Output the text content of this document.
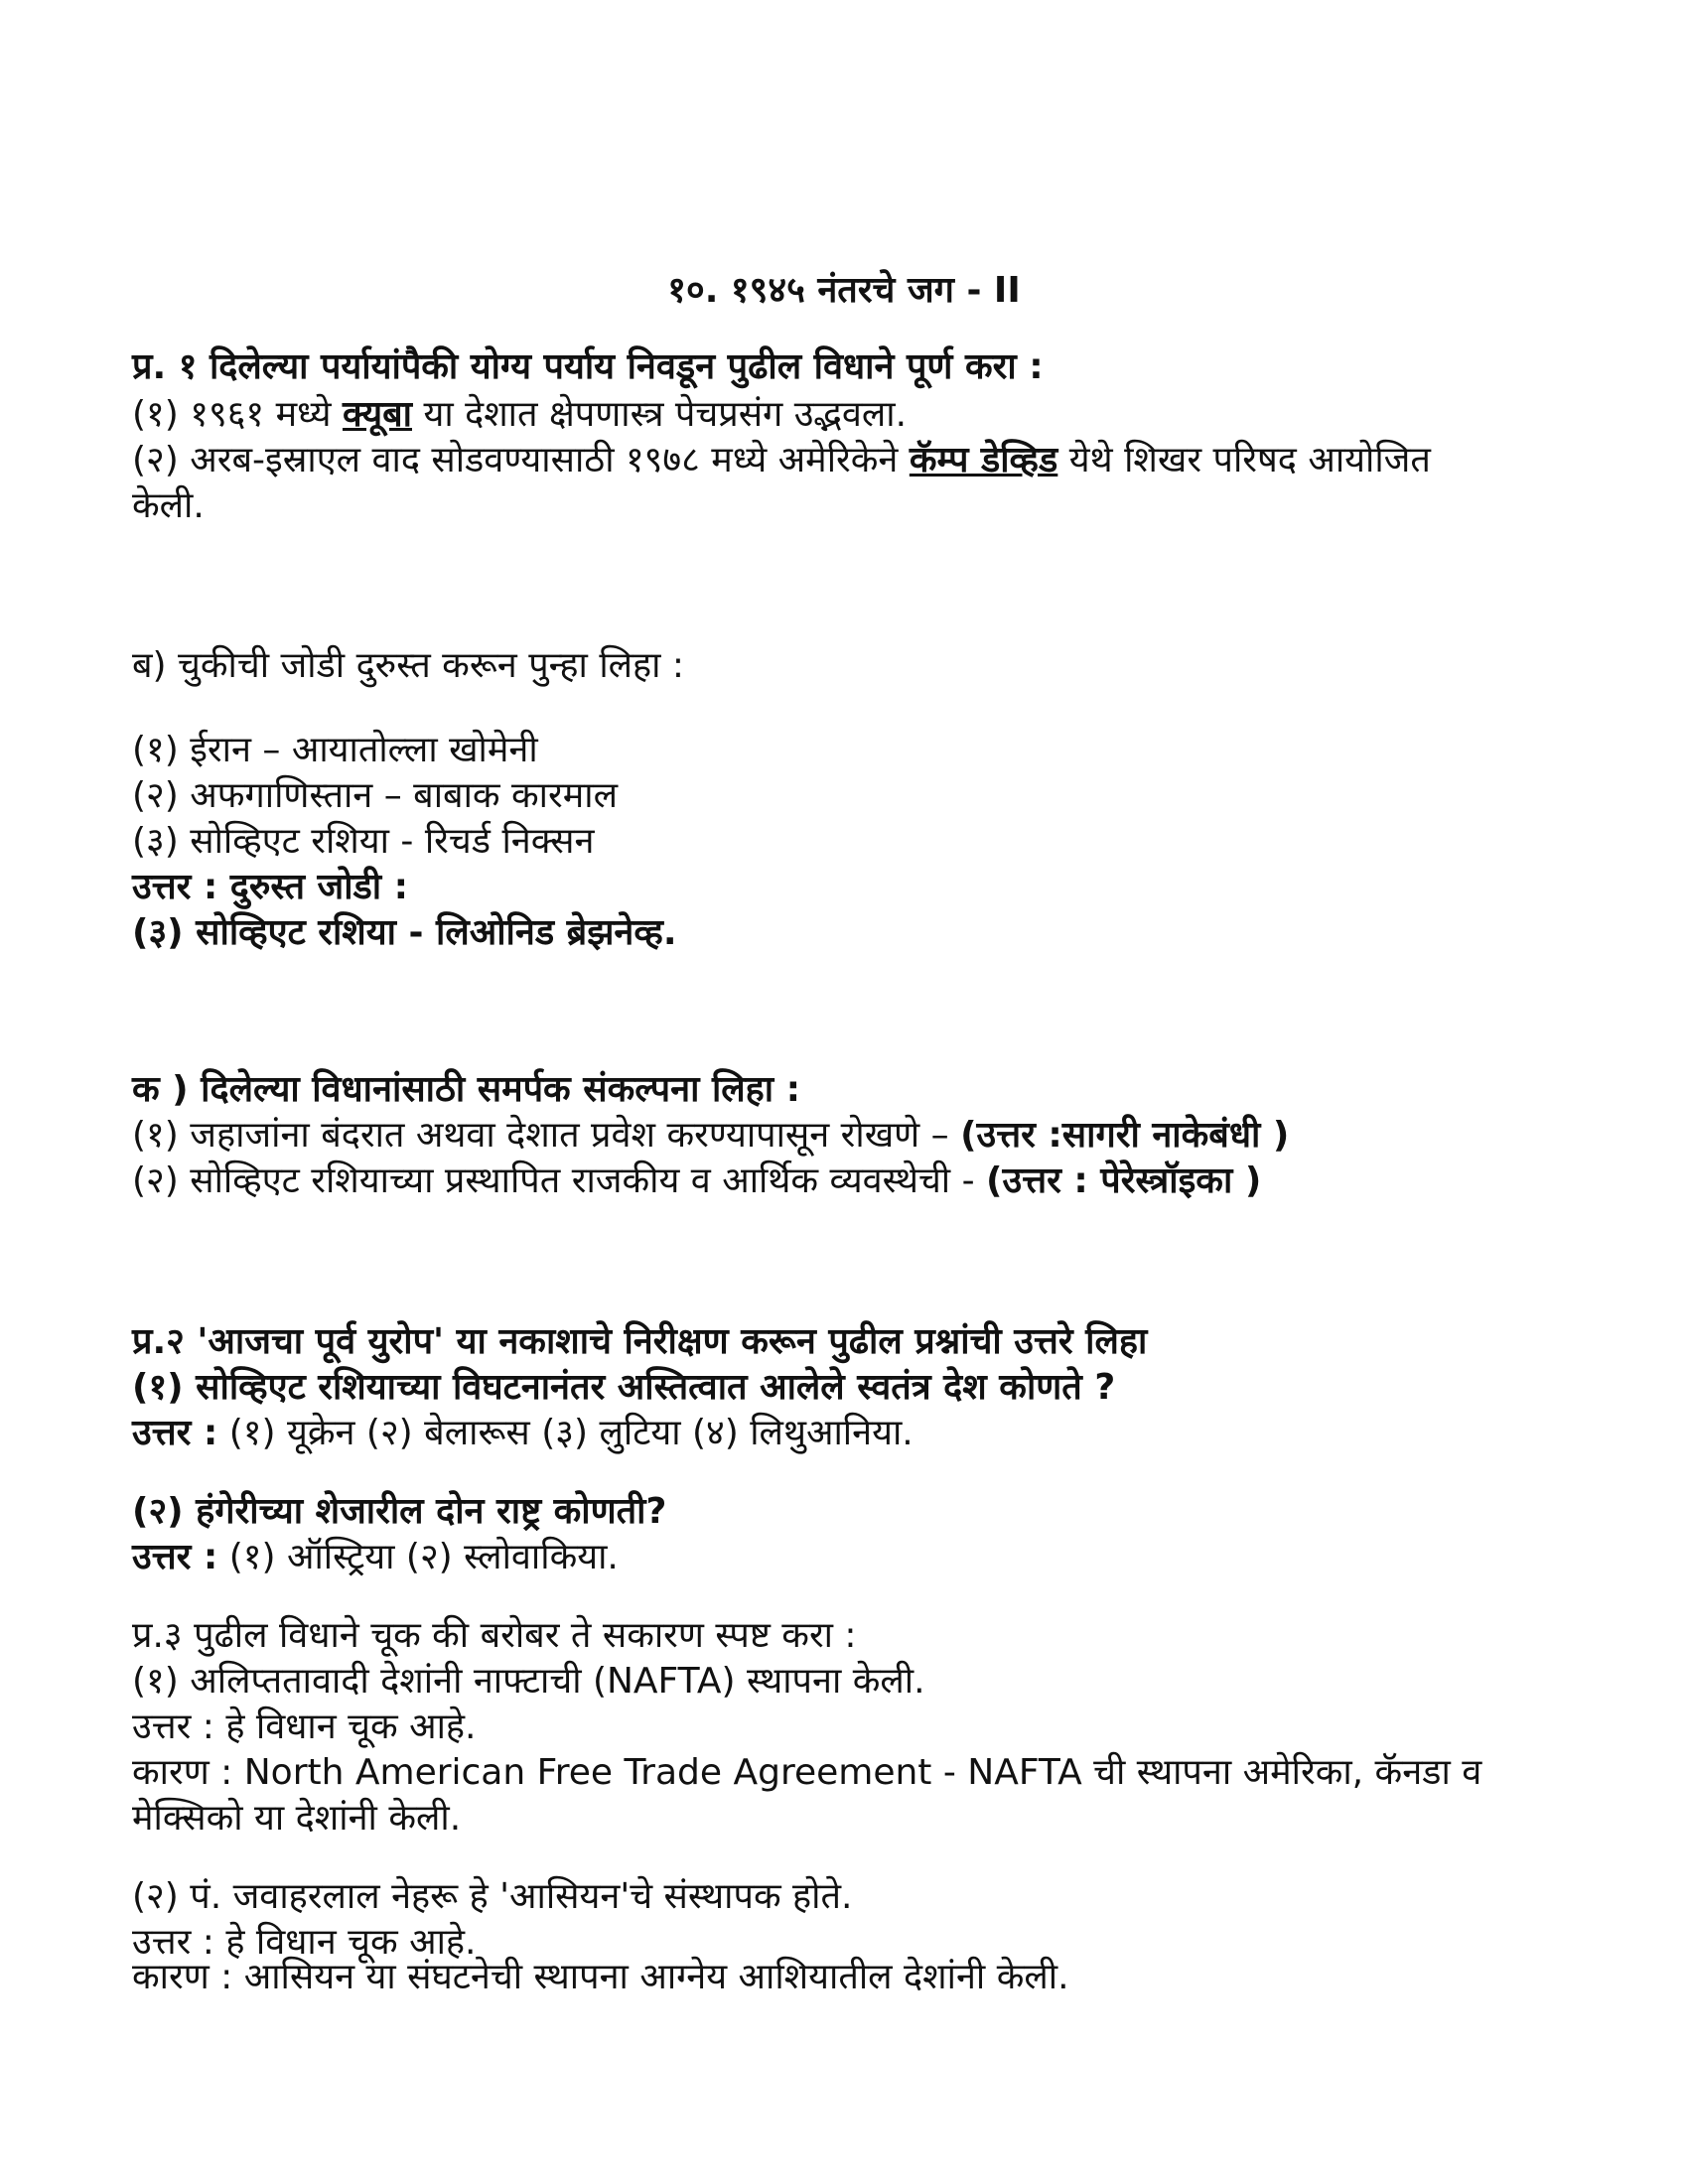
१०. १९४५ नंतरचे जग - II
प्र. १ दिलेल्या पर्यायांपैकी योग्य पर्याय निवडून पुढील विधाने पूर्ण करा :
(१) १९६१ मध्ये क्यूबा या देशात क्षेपणास्त्र पेचप्रसंग उद्भवला.
(२) अरब-इस्राएल वाद सोडवण्यासाठी १९७८ मध्ये अमेरिकेने कॅम्प डेव्हिड येथे शिखर परिषद आयोजित
केली.
ब) चुकीची जोडी दुरुस्त करून पुन्हा लिहा :
(१) ईरान – आयातोल्ला खोमेनी
(२) अफगाणिस्तान – बाबाक कारमाल
(३) सोव्हिएट रशिया - रिचर्ड निक्सन
उत्तर : दुरुस्त जोडी :
(३) सोव्हिएट रशिया - लिओनिड ब्रेझनेव्ह.
क ) दिलेल्या विधानांसाठी समर्पक संकल्पना लिहा :
(१) जहाजांना बंदरात अथवा देशात प्रवेश करण्यापासून रोखणे – (उत्तर :सागरी नाकेबंधी )
(२) सोव्हिएट रशियाच्या प्रस्थापित राजकीय व आर्थिक व्यवस्थेची - (उत्तर : पेरेस्त्रॉइका )
प्र.२ 'आजचा पूर्व युरोप' या नकाशाचे निरीक्षण करून पुढील प्रश्नांची उत्तरे लिहा
(१) सोव्हिएट रशियाच्या विघटनानंतर अस्तित्वात आलेले स्वतंत्र देश कोणते ?
उत्तर : (१) यूक्रेन (२) बेलारूस (३) लुटिया (४) लिथुआनिया.
(२) हंगेरीच्या शेजारील दोन राष्ट्र कोणती?
उत्तर : (१) ऑस्ट्रिया (२) स्लोवाकिया.
प्र.३ पुढील विधाने चूक की बरोबर ते सकारण स्पष्ट करा :
(१) अलिप्ततावादी देशांनी नाफ्टाची (NAFTA) स्थापना केली.
उत्तर : हे विधान चूक आहे.
कारण : North American Free Trade Agreement - NAFTA ची स्थापना अमेरिका, कॅनडा व
मेक्सिको या देशांनी केली.
(२) पं. जवाहरलाल नेहरू हे 'आसियन'चे संस्थापक होते.
उत्तर : हे विधान चूक आहे.
कारण : आसियन या संघटनेची स्थापना आग्नेय आशियातील देशांनी केली.
